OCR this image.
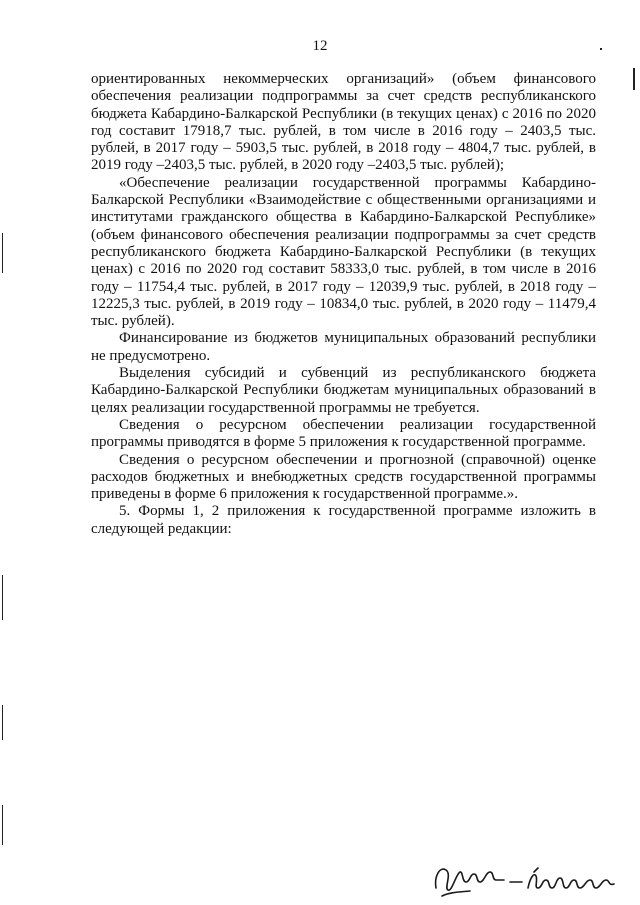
12

ориентированных некоммерческих организаций» (объем финансового обеспечения реализации подпрограммы за счет средств республиканского бюджета Кабардино-Балкарской Республики (в текущих ценах) с 2016 по 2020 год составит 17918,7 тыс. рублей, в том числе в 2016 году – 2403,5 тыс. рублей, в 2017 году – 5903,5 тыс. рублей, в 2018 году – 4804,7 тыс. рублей, в 2019 году –2403,5 тыс. рублей, в 2020 году –2403,5 тыс. рублей);

«Обеспечение реализации государственной программы Кабардино-Балкарской Республики «Взаимодействие с общественными организациями и институтами гражданского общества в Кабардино-Балкарской Республике» (объем финансового обеспечения реализации подпрограммы за счет средств республиканского бюджета Кабардино-Балкарской Республики (в текущих ценах) с 2016 по 2020 год составит 58333,0 тыс. рублей, в том числе в 2016 году – 11754,4 тыс. рублей, в 2017 году – 12039,9 тыс. рублей, в 2018 году – 12225,3 тыс. рублей, в 2019 году – 10834,0 тыс. рублей, в 2020 году – 11479,4 тыс. рублей).

Финансирование из бюджетов муниципальных образований республики не предусмотрено.

Выделения субсидий и субвенций из республиканского бюджета Кабардино-Балкарской Республики бюджетам муниципальных образований в целях реализации государственной программы не требуется.

Сведения о ресурсном обеспечении реализации государственной программы приводятся в форме 5 приложения к государственной программе.

Сведения о ресурсном обеспечении и прогнозной (справочной) оценке расходов бюджетных и внебюджетных средств государственной программы приведены в форме 6 приложения к государственной программе.».

5. Формы 1, 2 приложения к государственной программе изложить в следующей редакции:
